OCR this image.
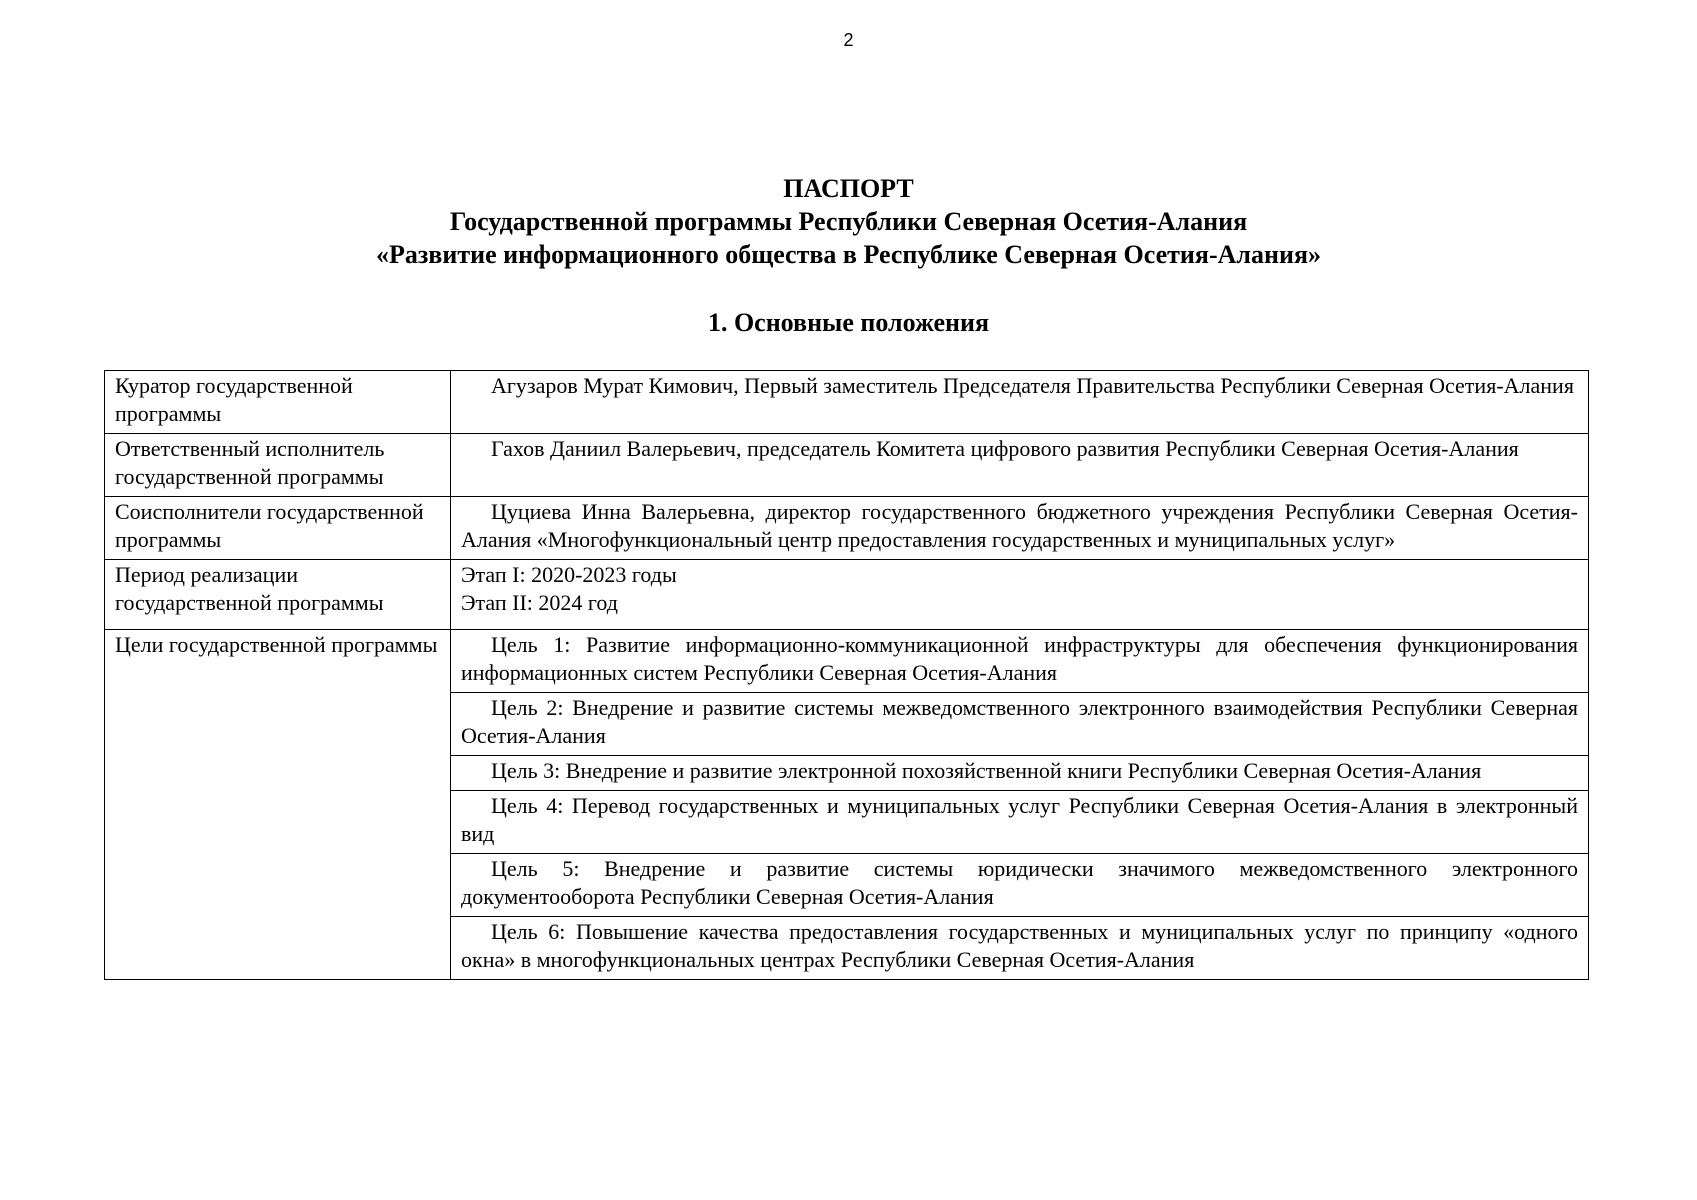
2
ПАСПОРТ
Государственной программы Республики Северная Осетия-Алания
«Развитие информационного общества в Республике Северная Осетия-Алания»
1. Основные положения
Куратор государственной программы	Агузаров Мурат Кимович, Первый заместитель Председателя Правительства Республики Северная Осетия-Алания
Ответственный исполнитель государственной программы	Гахов Даниил Валерьевич, председатель Комитета цифрового развития Республики Северная Осетия-Алания
Соисполнители государственной программы	Цуциева Инна Валерьевна, директор государственного бюджетного учреждения Республики Северная Осетия-Алания «Многофункциональный центр предоставления государственных и муниципальных услуг»
Период реализации государственной программы	Этап I: 2020-2023 годы
Этап II: 2024 год

Цели государственной программы	Цель 1: Развитие информационно-коммуникационной инфраструктуры для обеспечения функционирования информационных систем Республики Северная Осетия-Алания
	Цель 2: Внедрение и развитие системы межведомственного электронного взаимодействия Республики Северная Осетия-Алания
	Цель 3: Внедрение и развитие электронной похозяйственной книги Республики Северная Осетия-Алания
	Цель 4: Перевод государственных и муниципальных услуг Республики Северная Осетия-Алания в электронный вид
	Цель 5: Внедрение и развитие системы юридически значимого межведомственного электронного документооборота Республики Северная Осетия-Алания
	Цель 6: Повышение качества предоставления государственных и муниципальных услуг по принципу «одного окна» в многофункциональных центрах Республики Северная Осетия-Алания
